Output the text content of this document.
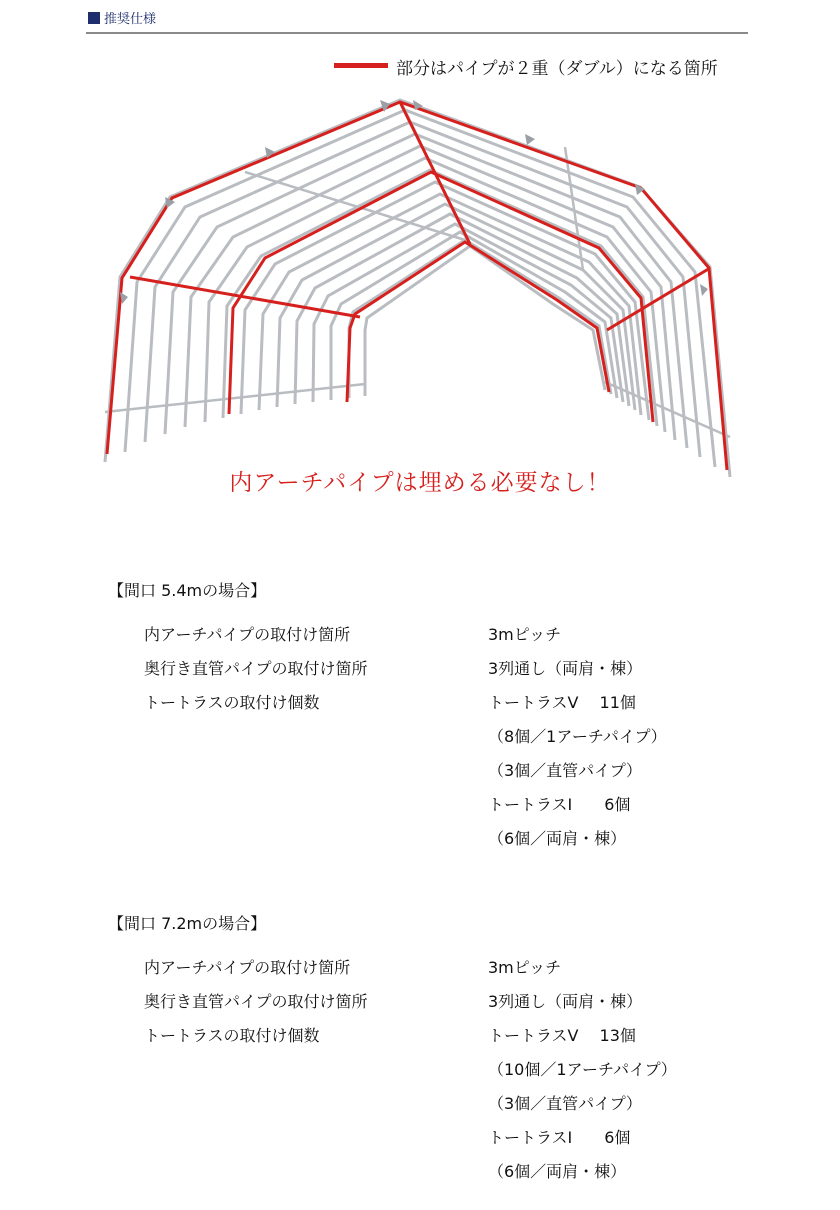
推奨仕様
部分はパイプが２重（ダブル）になる箇所
内アーチパイプは埋める必要なし！
【間口 5.4mの場合】
内アーチパイプの取付け箇所	3mピッチ
奥行き直管パイプの取付け箇所	3列通し（両肩・棟）
トートラスの取付け個数	トートラスⅤ　 11個
（8個／1アーチパイプ）
（3個／直管パイプ）
トートラスⅠ　　6個
（6個／両肩・棟）
【間口 7.2mの場合】
内アーチパイプの取付け箇所	3mピッチ
奥行き直管パイプの取付け箇所	3列通し（両肩・棟）
トートラスの取付け個数	トートラスⅤ　 13個
（10個／1アーチパイプ）
（3個／直管パイプ）
トートラスⅠ　　6個
（6個／両肩・棟）
